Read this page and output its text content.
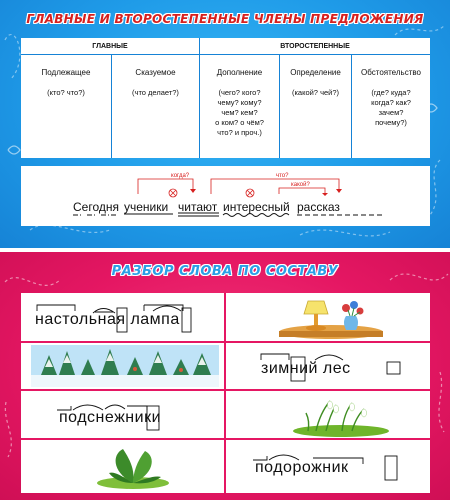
ГЛАВНЫЕ И ВТОРОСТЕПЕННЫЕ ЧЛЕНЫ ПРЕДЛОЖЕНИЯ
ГЛАВНЫЕ	ВТОРОСТЕПЕННЫЕ
Подлежащее

(кто? что?)
Сказуемое

(что делает?)
Дополнение

(чего? кого?
чему? кому?
чем? кем?
о ком? о чём?
что? и проч.)
Определение

(какой? чей?)
Обстоятельство

(где? куда?
когда? как?
зачем?
почему?)
когда?	что?
какой?
Сегодня ученики читают интересный рассказ
РАЗБОР СЛОВА ПО СОСТАВУ
настольная лампа
зимний лес
подснежники
подорожник
